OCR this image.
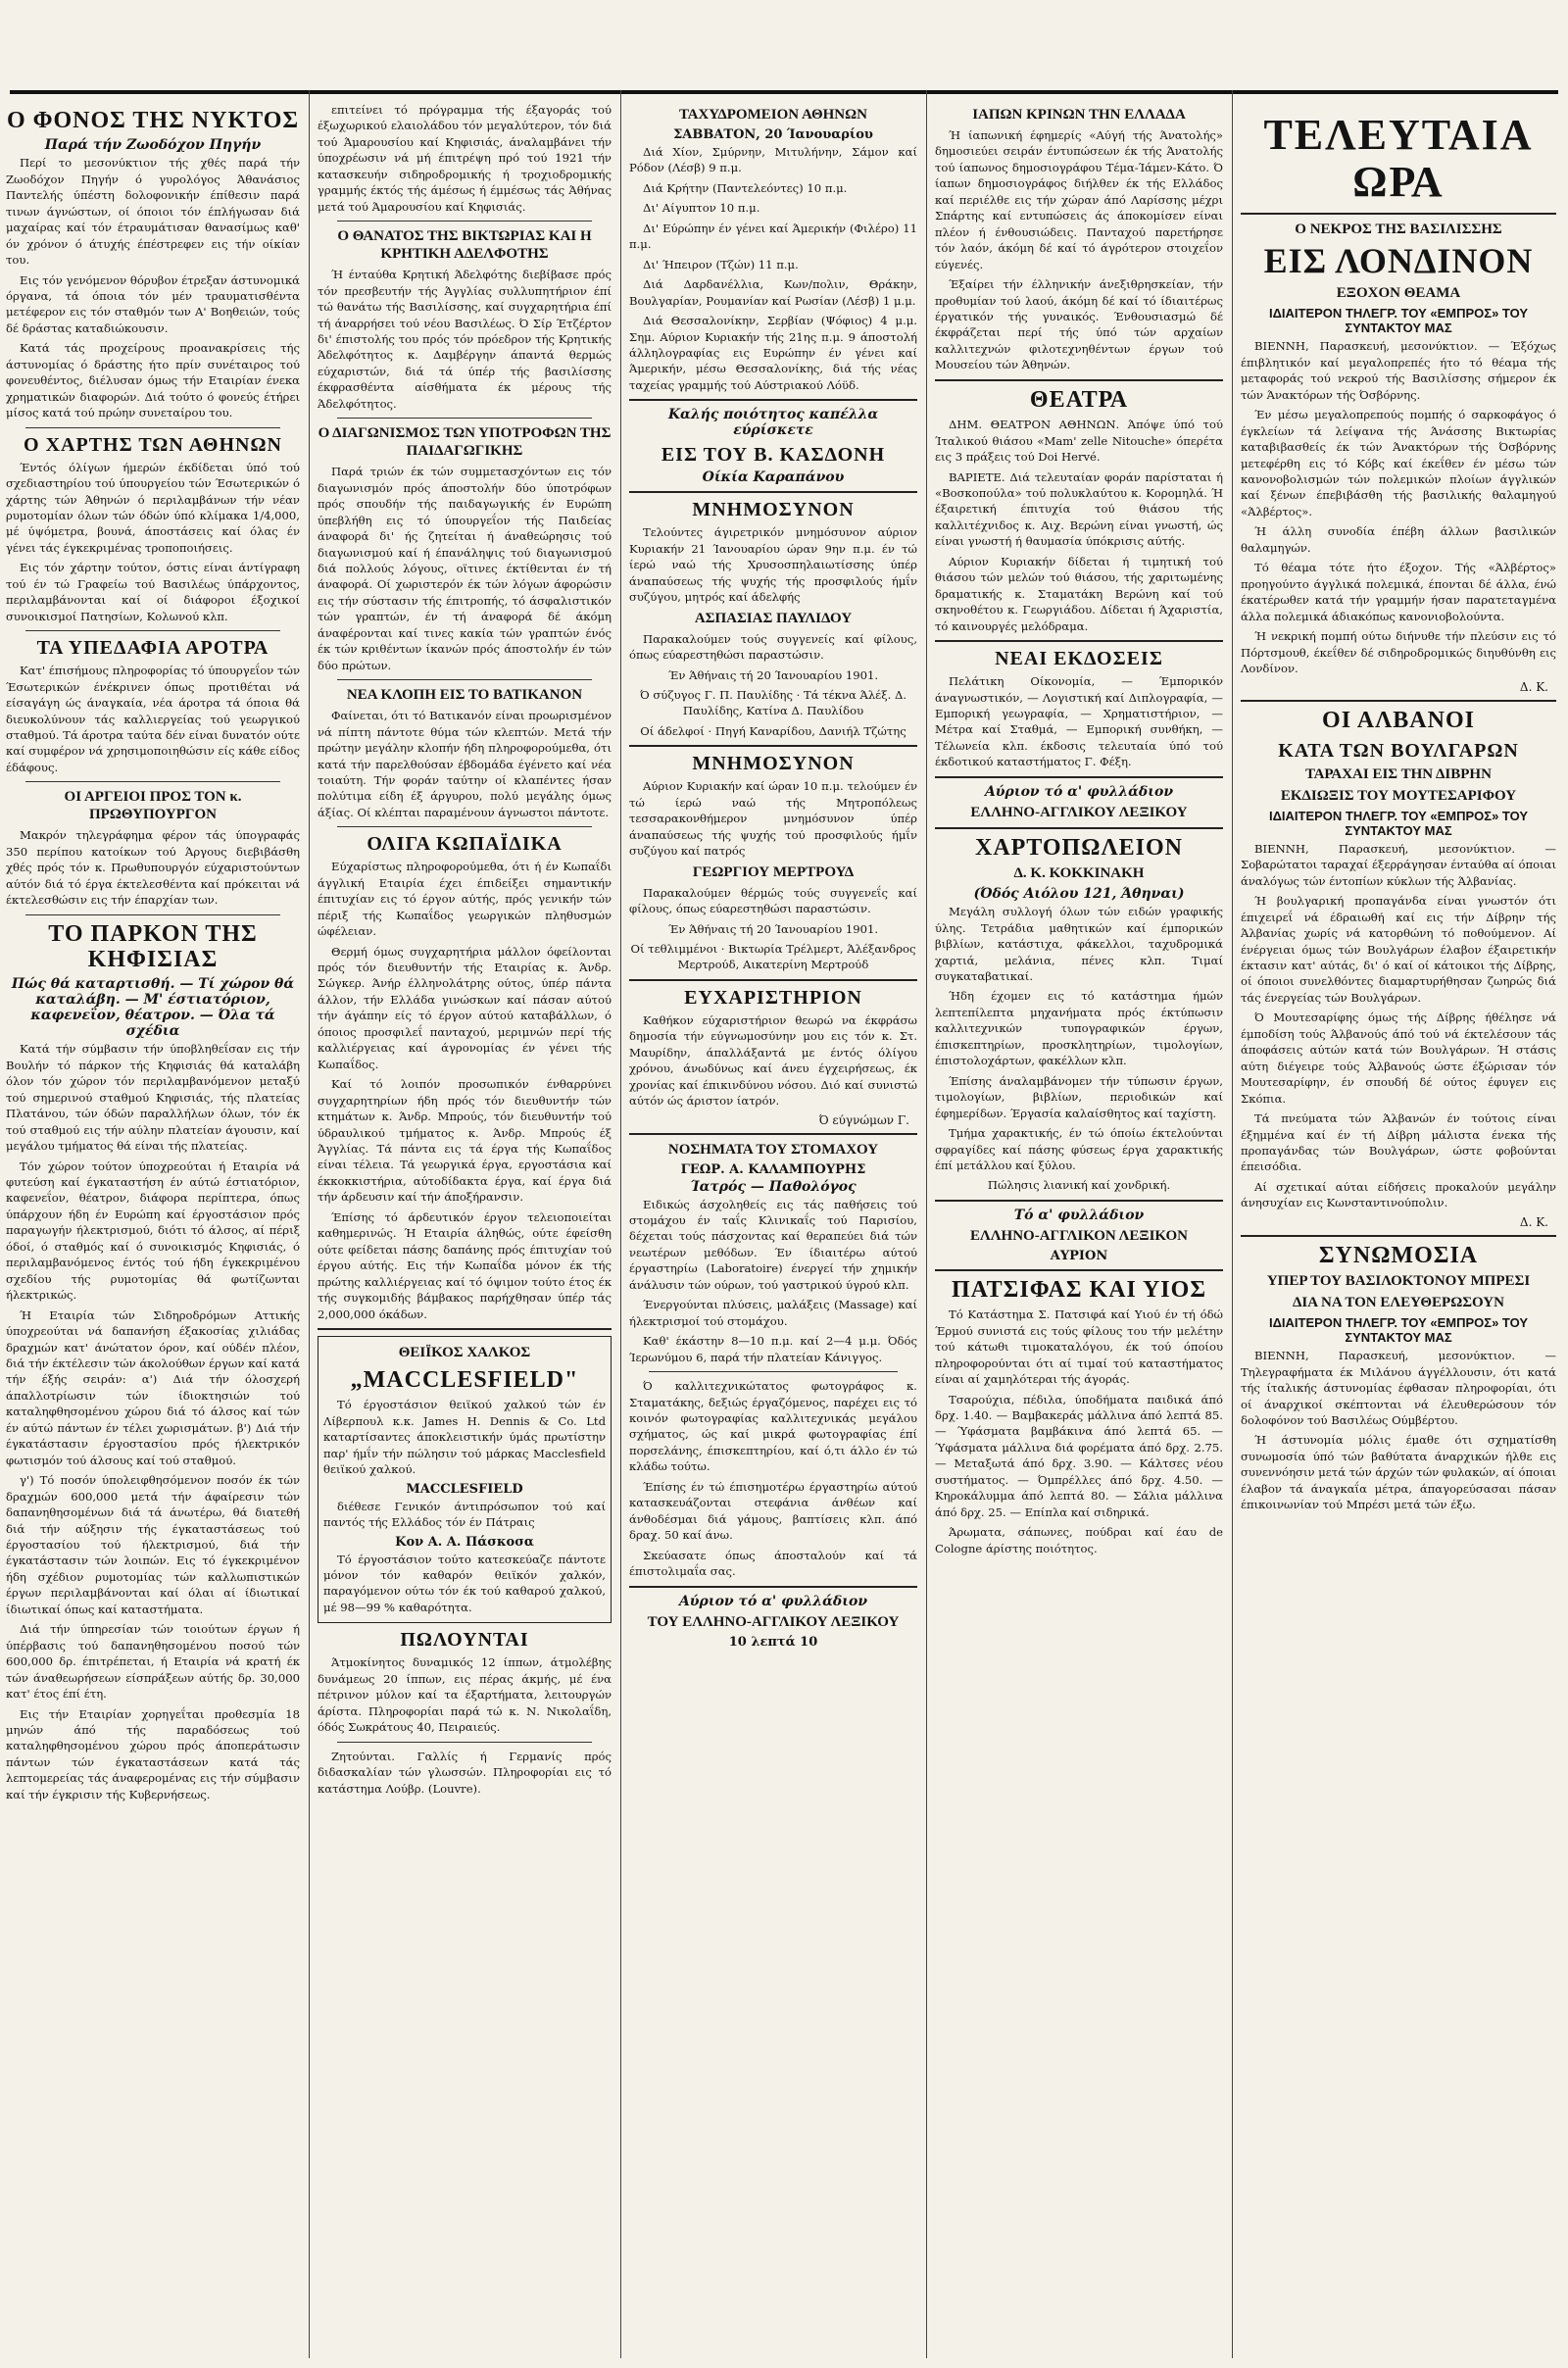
Ο ΦΟΝΟΣ ΤΗΣ ΝΥΚΤΟΣ
Παρά τήν Ζωοδόχον Πηγήν

Περί το μεσονύκτιον τής χθές παρά τήν Ζωοδόχον Πηγήν ό γυρολόγος Άθανάσιος Παντελής ύπέστη δολοφονικήν έπίθεσιν παρά τινων άγνώστων, οί όποιοι τόν έπλήγωσαν διά μαχαίρας καί τόν έτραυμάτισαν θανασίμως καθ' όν χρόνον ό άτυχής έπέστρεφεν εις τήν οίκίαν του.

Εις τόν γενόμενον θόρυβον έτρεξαν άστυνομικά όργανα, τά όποια τόν μέν τραυματισθέντα μετέφερον εις τόν σταθμόν των Α' Βοηθειών, τούς δέ δράστας καταδιώκουσιν.

Κατά τάς προχείρους προανακρίσεις τής άστυνομίας ό δράστης ήτο πρίν συνέταιρος τού φονευθέντος, διέλυσαν όμως τήν Εταιρίαν ένεκα χρηματικών διαφορών. Διά τούτο ό φονεύς έτήρει μίσος κατά τού πρώην συνεταίρου του.

Ο ΧΑΡΤΗΣ ΤΩΝ ΑΘΗΝΩΝ

Έντός όλίγων ήμερών έκδίδεται ύπό τού σχεδιαστηρίου τού ύπουργείου τών Έσωτερικών ό χάρτης τών Άθηνών ό περιλαμβάνων τήν νέαν ρυμοτομίαν όλων τών όδών ύπό κλίμακα 1/4,000, μέ ύψόμετρα, βουνά, άποστάσεις καί όλας έν γένει τάς έγκεκριμένας τροποποιήσεις.

Εις τόν χάρτην τούτον, όστις είναι άντίγραφη τού έν τώ Γραφείω τού Βασιλέως ύπάρχοντος, περιλαμβάνονται καί οί διάφοροι έξοχικοί συνοικισμοί Πατησίων, Κολωνού κλπ.

ΤΑ ΥΠΕΔΑΦΙΑ ΑΡΟΤΡΑ

Κατ' έπισήμους πληροφορίας τό ύπουργεΐον τών Έσωτερικών ένέκρινεν όπως προτιθέται νά είσαγάγη ώς άναγκαία, νέα άροτρα τά όποια θά διευκολύνουν τάς καλλιεργείας τού γεωργικού σταθμού. Τά άροτρα ταύτα δέν είναι δυνατόν ούτε καί συμφέρον νά χρησιμοποιηθώσιν είς κάθε είδος έδάφους.

ΟΙ ΑΡΓΕΙΟΙ ΠΡΟΣ ΤΟΝ κ. ΠΡΩΘΥΠΟΥΡΓΟΝ

Μακρόν τηλεγράφημα φέρον τάς ύπογραφάς 350 περίπου κατοίκων τού Άργους διεβιβάσθη χθές πρός τόν κ. Πρωθυπουργόν εύχαριστούντων αύτόν διά τό έργα έκτελεσθέντα καί πρόκειται νά έκτελεσθώσιν εις τήν έπαρχίαν των.

ΤΟ ΠΑΡΚΟΝ ΤΗΣ ΚΗΦΙΣΙΑΣ
Πώς θά καταρτισθή. — Τί χώρον θά καταλάβη. — Μ' έστιατόριον, καφενεΐον, θέατρον. — Όλα τά σχέδια

Κατά τήν σύμβασιν τήν ύποβληθεΐσαν εις τήν Βουλήν τό πάρκον τής Κηφισιάς θά καταλάβη όλον τόν χώρον τόν περιλαμβανόμενον μεταξύ τού σημερινού σταθμού Κηφισιάς, τής πλατείας Πλατάνου, τών όδών παραλλήλων όλων, τόν έκ τού σταθμού εις τήν αύλην πλατείαν άγουσιν, καί μεγάλου τμήματος θά είναι τής πλατείας.

Τόν χώρον τούτον ύποχρεούται ή Εταιρία νά φυτεύση καί έγκαταστήση έν αύτώ έστιατόριον, καφενεΐον, θέατρον, διάφορα περίπτερα, όπως ύπάρχουν ήδη έν Ευρώπη καί έργοστάσιον πρός παραγωγήν ήλεκτρισμού, διότι τό άλσος, αί πέριξ όδοί, ό σταθμός καί ό συνοικισμός Κηφισιάς, ό περιλαμβανόμενος έντός τού ήδη έγκεκριμένου σχεδίου τής ρυμοτομίας θά φωτίζωνται ήλεκτρικώς.

Ή Εταιρία τών Σιδηροδρόμων Αττικής ύποχρεούται νά δαπανήση έξακοσίας χιλιάδας δραχμών κατ' άνώτατον όρον, καί ούδέν πλέον, διά τήν έκτέλεσιν τών άκολούθων έργων καί κατά τήν έξής σειράν: α') Διά τήν όλοσχερή άπαλλοτρίωσιν τών ίδιοκτησιών τού καταληφθησομένου χώρου διά τό άλσος καί τών έν αύτώ πάντων έν τέλει χωρισμάτων. β') Διά τήν έγκατάστασιν έργοστασίου πρός ήλεκτρικόν φωτισμόν τού άλσους καί τού σταθμού.

γ') Τό ποσόν ύπολειφθησόμενον ποσόν έκ τών δραχμών 600,000 μετά τήν άφαίρεσιν τών δαπανηθησομένων διά τά άνωτέρω, θά διατεθή διά τήν αύξησιν τής έγκαταστάσεως τού έργοστασίου τού ήλεκτρισμού, διά τήν έγκατάστασιν τών λοιπών. Εις τό έγκεκριμένον ήδη σχέδιον ρυμοτομίας τών καλλωπιστικών έργων περιλαμβάνονται καί όλαι αί ίδιωτικαί ίδιωτικαί όπως καί καταστήματα.

Διά τήν ύπηρεσίαν τών τοιούτων έργων ή ύπέρβασις τού δαπανηθησομένου ποσού τών 600,000 δρ. έπιτρέπεται, ή Εταιρία νά κρατή έκ τών άναθεωρήσεων είσπράξεων αύτής δρ. 30,000 κατ' έτος έπί έτη.

Εις τήν Εταιρίαν χορηγεΐται προθεσμία 18 μηνών άπό τής παραδόσεως τού καταληφθησομένου χώρου πρός άποπεράτωσιν πάντων τών έγκαταστάσεων κατά τάς λεπτομερείας τάς άναφερομένας εις τήν σύμβασιν καί τήν έγκρισιν τής Κυβερνήσεως.

επιτείνει τό πρόγραμμα τής έξαγοράς τού έξωχωρικού ελαιολάδου τόν μεγαλύτερον, τόν διά τού Άμαρουσίου καί Κηφισιάς, άναλαμβάνει τήν ύποχρέωσιν νά μή έπιτρέψη πρό τού 1921 τήν κατασκευήν σιδηροδρομικής ή τροχιοδρομικής γραμμής έκτός τής άμέσως ή έμμέσως τάς Άθήνας μετά τού Άμαρουσίου καί Κηφισιάς.

Ο ΘΑΝΑΤΟΣ ΤΗΣ ΒΙΚΤΩΡΙΑΣ ΚΑΙ Η ΚΡΗΤΙΚΗ ΑΔΕΛΦΟΤΗΣ

Ή ένταύθα Κρητική Άδελφότης διεβίβασε πρός τόν πρεσβευτήν τής Άγγλίας συλλυπητήριον έπί τώ θανάτω τής Βασιλίσσης, καί συγχαρητήρια έπί τή άναρρήσει τού νέου Βασιλέως. Ό Σίρ Έτζέρτον δι' έπιστολής του πρός τόν πρόεδρον τής Κρητικής Άδελφότητος κ. Δαμβέργην άπαντά θερμώς εύχαριστών, διά τά ύπέρ τής βασιλίσσης έκφρασθέντα αίσθήματα έκ μέρους τής Άδελφότητος.

Ο ΔΙΑΓΩΝΙΣΜΟΣ ΤΩΝ ΥΠΟΤΡΟΦΩΝ ΤΗΣ ΠΑΙΔΑΓΩΓΙΚΗΣ

Παρά τριών έκ τών συμμετασχόντων εις τόν διαγωνισμόν πρός άποστολήν δύο ύποτρόφων πρός σπουδήν τής παιδαγωγικής έν Ευρώπη ύπεβλήθη εις τό ύπουργεΐον τής Παιδείας άναφορά δι' ής ζητείται ή άναθεώρησις τού διαγωνισμού καί ή έπανάληψις τού διαγωνισμού διά πολλούς λόγους, οϊτινες έκτίθενται έν τή άναφορά. Οί χωριστερόν έκ τών λόγων άφορώσιν εις τήν σύστασιν τής έπιτροπής, τό άσφαλιστικόν τών γραπτών, έν τή άναφορά δέ άκόμη άναφέρονται καί τινες κακία τών γραπτών ένός έκ τών κριθέντων ίκανών πρός άποστολήν έν τών δύο πρώτων.

ΝΕΑ ΚΛΟΠΗ ΕΙΣ ΤΟ ΒΑΤΙΚΑΝΟΝ

Φαίνεται, ότι τό Βατικανόν είναι προωρισμένον νά πίπτη πάντοτε θύμα τών κλεπτών. Μετά τήν πρώτην μεγάλην κλοπήν ήδη πληροφορούμεθα, ότι κατά τήν παρελθούσαν έβδομάδα έγένετο καί νέα τοιαύτη. Τήν φοράν ταύτην οί κλαπέντες ήσαν πολύτιμα είδη έξ άργυρου, πολύ μεγάλης όμως άξίας. Οί κλέπται παραμένουν άγνωστοι πάντοτε.

ΟΛΙΓΑ ΚΩΠΑΪΔΙΚΑ

Εύχαρίστως πληροφορούμεθα, ότι ή έν Κωπαΐδι άγγλική Εταιρία έχει έπιδείξει σημαντικήν έπιτυχίαν εις τό έργον αύτής, πρός γενικήν τών πέριξ τής Κωπαΐδος γεωργικών πληθυσμών ώφέλειαν.

Θερμή όμως συγχαρητήρια μάλλον όφείλονται πρός τόν διευθυντήν τής Εταιρίας κ. Άνδρ. Σώγκερ. Άνήρ έλληνολάτρης ούτος, ύπέρ πάντα άλλον, τήν Ελλάδα γινώσκων καί πάσαν αύτού τήν άγάπην είς τό έργον αύτού καταβάλλων, ό όποιος προσφιλεΐ πανταχού, μεριμνών περί τής καλλιέργειας καί άγρονομίας έν γένει τής Κωπαΐδος.

Καί τό λοιπόν προσωπικόν ένθαρρύνει συγχαρητηρίων ήδη πρός τόν διευθυντήν τών κτημάτων κ. Άνδρ. Μπρούς, τόν διευθυντήν τού ύδραυλικού τμήματος κ. Άνδρ. Μπρούς έξ Άγγλίας. Τά πάντα εις τά έργα τής Κωπαΐδος είναι τέλεια. Τά γεωργικά έργα, εργοστάσια καί έκκοκκιστήρια, αύτοδίδακτα έργα, καί έργα διά τήν άρδευσιν καί τήν άποξήρανσιν.

Έπίσης τό άρδευτικόν έργον τελειοποιείται καθημερινώς. Ή Εταιρία άληθώς, ούτε έφείσθη ούτε φείδεται πάσης δαπάνης πρός έπιτυχίαν τού έργου αύτής. Εις τήν Κωπαΐδα μόνον έκ τής πρώτης καλλιέργειας καί τό όψιμον τούτο έτος έκ τής συγκομιδής βάμβακος παρήχθησαν ύπέρ τάς 2,000,000 όκάδων.

ΘΕΙΪΚΟΣ ΧΑΛΚΟΣ
„MACCLESFIELD"

Τό έργοστάσιον θειϊκού χαλκού τών έν Λίβερπουλ κ.κ. James H. Dennis & Co. Ltd καταρτίσαντες άποκλειστικήν ύμάς πρωτίστην παρ' ήμΐν τήν πώλησιν τού μάρκας Macclesfield θειϊκού χαλκού.

MACCLESFIELD

διέθεσε Γενικόν άντιπρόσωπον τού καί παντός τής Ελλάδος τόν έν Πάτραις

Κον Α. Α. Πάσκοσα

Τό έργοστάσιον τούτο κατεσκεύαζε πάντοτε μόνον τόν καθαρόν θειϊκόν χαλκόν, παραγόμενον ούτω τόν έκ τού καθαρού χαλκού, μέ 98—99 % καθαρότητα.

ΠΩΛΟΥΝΤΑΙ

Άτμοκίνητος δυναμικός 12 ίππων, άτμολέβης δυνάμεως 20 ίππων, εις πέρας άκμής, μέ ένα πέτρινον μύλον καί τα έξαρτήματα, λειτουργών άρίστα. Πληροφορίαι παρά τώ κ. Ν. Νικολαΐδη, όδός Σωκράτους 40, Πειραιεύς.

Ζητούνται. Γαλλίς ή Γερμανίς πρός διδασκαλίαν τών γλωσσών. Πληροφορίαι εις τό κατάστημα Λούβρ. (Louvre).

ΤΑΧΥΔΡΟΜΕΙΟΝ ΑΘΗΝΩΝ
ΣΑΒΒΑΤΟΝ, 20 Ίανουαρίου

Διά Χίον, Σμύρνην, Μιτυλήνην, Σάμον καί Ρόδον (Λέσβ) 9 π.μ.

Διά Κρήτην (Παντελεόντες) 10 π.μ.

Δι' Αίγυπτον 10 π.μ.

Δι' Εύρώπην έν γένει καί Άμερικήν (Φιλέρο) 11 π.μ.

Δι' Ήπειρον (Τζών) 11 π.μ.

Διά Δαρδανέλλια, Κων/πολιν, Θράκην, Βουλγαρίαν, Ρουμανίαν καί Ρωσίαν (Λέσβ) 1 μ.μ.

Διά Θεσσαλονίκην, Σερβίαν (Ψόφιος) 4 μ.μ. Σημ. Αύριον Κυριακήν τής 21ης π.μ. 9 άποστολή άλληλογραφίας εις Ευρώπην έν γένει καί Άμερικήν, μέσω Θεσσαλονίκης, διά τής νέας ταχείας γραμμής τού Αύστριακού Λόϋδ.

Καλής ποιότητος καπέλλα εύρίσκετε
ΕΙΣ ΤΟΥ Β. ΚΑΣΔΟΝΗ
Οίκία Καραπάνου
ΜΝΗΜΟΣΥΝΟΝ

Τελούντες άγιρετρικόν μνημόσυνον αύριον Κυριακήν 21 Ίανουαρίου ώραν 9ην π.μ. έν τώ ίερώ ναώ τής Χρυσοσπηλαιωτίσσης ύπέρ άναπαύσεως τής ψυχής τής προσφιλούς ήμΐν συζύγου, μητρός καί άδελφής

ΑΣΠΑΣΙΑΣ ΠΑΥΛΙΔΟΥ

Παρακαλούμεν τούς συγγενείς καί φίλους, όπως εύαρεστηθώσι παραστώσιν.

Έν Άθήναις τή 20 Ίανουαρίου 1901.

Ό σύζυγος Γ. Π. Παυλίδης · Τά τέκνα Άλέξ. Δ. Παυλίδης, Κατίνα Δ. Παυλίδου

Οί άδελφοί · Πηγή Καναρίδου, Δανιήλ Τζώτης

ΜΝΗΜΟΣΥΝΟΝ

Αύριον Κυριακήν καί ώραν 10 π.μ. τελούμεν έν τώ ίερώ ναώ τής Μητροπόλεως τεσσαρακονθήμερον μνημόσυνον ύπέρ άναπαύσεως τής ψυχής τού προσφιλούς ήμΐν συζύγου καί πατρός

ΓΕΩΡΓΙΟΥ ΜΕΡΤΡΟΥΔ

Παρακαλούμεν θέρμώς τούς συγγενεΐς καί φίλους, όπως εύαρεστηθώσι παραστώσιν.

Έν Άθήναις τή 20 Ίανουαρίου 1901.

Οί τεθλιμμένοι · Βικτωρία Τρέλμερτ, Άλέξανδρος Μερτρούδ, Αικατερίνη Μερτρούδ

ΕΥΧΑΡΙΣΤΗΡΙΟΝ

Καθήκον εύχαριστήριον θεωρώ να έκφράσω δημοσία τήν εύγνωμοσύνην μου εις τόν κ. Στ. Μαυρίδην, άπαλλάξαντά με έντός όλίγου χρόνου, άνωδύνως καί άνευ έγχειρήσεως, έκ χρονίας καί έπικινδύνου νόσου. Διό καί συνιστώ αύτόν ώς άριστον ίατρόν.

Ό εύγνώμων Γ.
ΝΟΣΗΜΑΤΑ ΤΟΥ ΣΤΟΜΑΧΟΥ
ΓΕΩΡ. Α. ΚΑΛΑΜΠΟΥΡΗΣ
Ίατρός — Παθολόγος

Ειδικώς άσχοληθείς εις τάς παθήσεις τού στομάχου έν ταΐς Κλινικαΐς τού Παρισίου, δέχεται τούς πάσχοντας καί θεραπεύει διά τών νεωτέρων μεθόδων. Έν ίδιαιτέρω αύτού έργαστηρίω (Laboratoire) ένεργεί τήν χημικήν άνάλυσιν τών ούρων, τού γαστρικού ύγρού κλπ.

Ένεργούνται πλύσεις, μαλάξεις (Massage) καί ήλεκτρισμοί τού στομάχου.

Καθ' έκάστην 8—10 π.μ. καί 2—4 μ.μ. Όδός Ίερωνύμου 6, παρά τήν πλατείαν Κάνιγγος.

Ό καλλιτεχνικώτατος φωτογράφος κ. Σταματάκης, δεξιώς έργαζόμενος, παρέχει εις τό κοινόν φωτογραφίας καλλιτεχνικάς μεγάλου σχήματος, ώς καί μικρά φωτογραφίας έπί πορσελάνης, έπισκεπτηρίου, καί ό,τι άλλο έν τώ κλάδω τούτω.

Έπίσης έν τώ έπισημοτέρω έργαστηρίω αύτού κατασκευάζονται στεφάνια άνθέων καί άνθοδέσμαι διά γάμους, βαπτίσεις κλπ. άπό δραχ. 50 καί άνω.

Σκεύασατε όπως άποσταλούν καί τά έπιστολιμαΐα σας.

Αύριον τό α' φυλλάδιον
ΤΟΥ ΕΛΛΗΝΟ-ΑΓΓΛΙΚΟΥ ΛΕΞΙΚΟΥ
10 λεπτά 10
ΙΑΠΩΝ ΚΡΙΝΩΝ ΤΗΝ ΕΛΛΑΔΑ

Ή ίαπωνική έφημερίς «Αύγή τής Άνατολής» δημοσιεύει σειράν έντυπώσεων έκ τής Άνατολής τού ίαπωνος δημοσιογράφου Τέμα-Ίάμεν-Κάτο. Ό ίαπων δημοσιογράφος διήλθεν έκ τής Ελλάδος καί περιέλθε εις τήν χώραν άπό Λαρίσσης μέχρι Σπάρτης καί εντυπώσεις άς άποκομίσεν είναι πλέον ή ένθουσιώδεις. Πανταχού παρετήρησε τόν λαόν, άκόμη δέ καί τό άγρότερον στοιχεΐον εύγενές.

Έξαίρει τήν έλληνικήν άνεξιθρησκείαν, τήν προθυμίαν τού λαού, άκόμη δέ καί τό ίδιαιτέρως έργατικόν τής γυναικός. Ένθουσιασμώ δέ έκφράζεται περί τής ύπό τών αρχαίων καλλιτεχνών φιλοτεχνηθέντων έργων τού Μουσείου τών Άθηνών.

ΘΕΑΤΡΑ

ΔΗΜ. ΘΕΑΤΡΟΝ ΑΘΗΝΩΝ. Άπόψε ύπό τού Ίταλικού θιάσου «Mam' zelle Nitouche» όπερέτα εις 3 πράξεις τού Doi Hervé.

ΒΑΡΙΕΤΕ. Διά τελευταίαν φοράν παρίσταται ή «Βοσκοπούλα» τού πολυκλαύτου κ. Κορομηλά. Ή έξαιρετική έπιτυχία τού θιάσου τής καλλιτέχνιδος κ. Αιχ. Βερώνη είναι γνωστή, ώς είναι γνωστή ή θαυμασία ύπόκρισις αύτής.

Αύριον Κυριακήν δίδεται ή τιμητική τού θιάσου τών μελών τού θιάσου, τής χαριτωμένης δραματικής κ. Σταματάκη Βερώνη καί τού σκηνοθέτου κ. Γεωργιάδου. Δίδεται ή Άχαριστία, τό καινουργές μελόδραμα.

ΝΕΑΙ ΕΚΔΟΣΕΙΣ

Πελάτικη Οίκονομία, — Έμπορικόν άναγνωστικόν, — Λογιστική καί Διπλογραφία, — Εμπορική γεωγραφία, — Χρηματιστήριον, — Μέτρα καί Σταθμά, — Εμπορική συνθήκη, — Τέλωνεία κλπ. έκδοσις τελευταία ύπό τού έκδοτικού καταστήματος Γ. Φέξη.

Αύριον τό α' φυλλάδιον
ΕΛΛΗΝΟ-ΑΓΓΛΙΚΟΥ ΛΕΞΙΚΟΥ
ΧΑΡΤΟΠΩΛΕΙΟΝ
Δ. Κ. ΚΟΚΚΙΝΑΚΗ
(Όδός Αιόλου 121, Άθηναι)

Μεγάλη συλλογή όλων τών ειδών γραφικής ύλης. Τετράδια μαθητικών καί έμπορικών βιβλίων, κατάστιχα, φάκελλοι, ταχυδρομικά χαρτιά, μελάνια, πένες κλπ. Τιμαί συγκαταβατικαί.

Ήδη έχομεν εις τό κατάστημα ήμών λεπτεπίλεπτα μηχανήματα πρός έκτύπωσιν καλλιτεχνικών τυπογραφικών έργων, έπισκεπτηρίων, προσκλητηρίων, τιμολογίων, έπιστολοχάρτων, φακέλλων κλπ.

Έπίσης άναλαμβάνομεν τήν τύπωσιν έργων, τιμολογίων, βιβλίων, περιοδικών καί έφημερίδων. Έργασία καλαίσθητος καί ταχίστη.

Τμήμα χαρακτικής, έν τώ όποίω έκτελούνται σφραγίδες καί πάσης φύσεως έργα χαρακτικής έπί μετάλλου καί ξύλου.

Πώλησις λιανική καί χονδρική.

Τό α' φυλλάδιον
ΕΛΛΗΝΟ-ΑΓΓΛΙΚΟΝ ΛΕΞΙΚΟΝ
ΑΥΡΙΟΝ
ΠΑΤΣΙΦΑΣ ΚΑΙ ΥΙΟΣ

Τό Κατάστημα Σ. Πατσιφά καί Υιού έν τή όδώ Έρμού συνιστά εις τούς φίλους του τήν μελέτην τού κάτωθι τιμοκαταλόγου, έκ τού όποίου πληροφορούνται ότι αί τιμαί τού καταστήματος είναι αί χαμηλότεραι τής άγοράς.

Τσαρούχια, πέδιλα, ύποδήματα παιδικά άπό δρχ. 1.40. — Βαμβακεράς μάλλινα άπό λεπτά 85. — Ύφάσματα βαμβάκινα άπό λεπτά 65. — Ύφάσματα μάλλινα διά φορέματα άπό δρχ. 2.75. — Μεταξωτά άπό δρχ. 3.90. — Κάλτσες νέου συστήματος. — Όμπρέλλες άπό δρχ. 4.50. — Κηροκάλυμμα άπό λεπτά 80. — Σάλια μάλλινα άπό δρχ. 25. — Επίπλα καί σιδηρικά.

Άρωματα, σάπωνες, πούδραι καί έαυ de Cologne άρίστης ποιότητος.

ΤΕΛΕΥΤΑΙΑ ΩΡΑ
Ο ΝΕΚΡΟΣ ΤΗΣ ΒΑΣΙΛΙΣΣΗΣ
ΕΙΣ ΛΟΝΔΙΝΟΝ
ΕΞΟΧΟΝ ΘΕΑΜΑ
ΙΔΙΑΙΤΕΡΟΝ ΤΗΛΕΓΡ. ΤΟΥ «ΕΜΠΡΟΣ» ΤΟΥ ΣΥΝΤΑΚΤΟΥ ΜΑΣ

ΒΙΕΝΝΗ, Παρασκευή, μεσονύκτιον. — Έξόχως έπιβλητικόν καί μεγαλοπρεπές ήτο τό θέαμα τής μεταφοράς τού νεκρού τής Βασιλίσσης σήμερον έκ τών Άνακτόρων τής Όσβόρνης.

Έν μέσω μεγαλοπρεπούς πομπής ό σαρκοφάγος ό έγκλείων τά λείψανα τής Άνάσσης Βικτωρίας καταβιβασθείς έκ τών Άνακτόρων τής Όσβόρνης μετεφέρθη εις τό Κόβς καί έκεΐθεν έν μέσω τών κανονοβολισμών τών πολεμικών πλοίων άγγλικών καί ξένων έπεβιβάσθη τής βασιλικής θαλαμηγού «Άλβέρτος».

Ή άλλη συνοδία έπέβη άλλων βασιλικών θαλαμηγών.

Τό θέαμα τότε ήτο έξοχον. Τής «Άλβέρτος» προηγούντο άγγλικά πολεμικά, έπονται δέ άλλα, ένώ έκατέρωθεν κατά τήν γραμμήν ήσαν παρατεταγμένα άλλα πολεμικά άδιακόπως κανονιοβολούντα.

Ή νεκρική πομπή ούτω διήνυθε τήν πλεύσιν εις τό Πόρτσμουθ, έκεΐθεν δέ σιδηροδρομικώς διηυθύνθη εις Λονδίνον.

Δ. Κ.
ΟΙ ΑΛΒΑΝΟΙ
ΚΑΤΑ ΤΩΝ ΒΟΥΛΓΑΡΩΝ
ΤΑΡΑΧΑΙ ΕΙΣ ΤΗΝ ΔΙΒΡΗΝ
ΕΚΔΙΩΞΙΣ ΤΟΥ ΜΟΥΤΕΣΑΡΙΦΟΥ
ΙΔΙΑΙΤΕΡΟΝ ΤΗΛΕΓΡ. ΤΟΥ «ΕΜΠΡΟΣ» ΤΟΥ ΣΥΝΤΑΚΤΟΥ ΜΑΣ

ΒΙΕΝΝΗ, Παρασκευή, μεσονύκτιον. — Σοβαρώτατοι ταραχαί έξερράγησαν ένταύθα αί όποιαι άναλόγως τών έντοπίων κύκλων τής Άλβανίας.

Ή βουλγαρική προπαγάνδα είναι γνωστόν ότι έπιχειρεΐ νά έδραιωθή καί εις τήν Δίβρην τής Άλβανίας χωρίς νά κατορθώνη τό ποθούμενον. Αί ένέργειαι όμως τών Βουλγάρων έλαβον έξαιρετικήν έκτασιν κατ' αύτάς, δι' ό καί οί κάτοικοι τής Δίβρης, οί όποιοι συνελθόντες διαμαρτυρήθησαν ζωηρώς διά τάς ένεργείας τών Βουλγάρων.

Ό Μουτεσαρίφης όμως τής Δίβρης ήθέλησε νά έμποδίση τούς Άλβανούς άπό τού νά έκτελέσουν τάς άποφάσεις αύτών κατά τών Βουλγάρων. Ή στάσις αύτη διέγειρε τούς Άλβανούς ώστε έξώρισαν τόν Μουτεσαρίφην, έν σπουδή δέ ούτος έφυγεν εις Σκόπια.

Τά πνεύματα τών Άλβανών έν τούτοις είναι έξημμένα καί έν τή Δίβρη μάλιστα ένεκα τής προπαγάνδας τών Βουλγάρων, ώστε φοβούνται έπεισόδια.

Αί σχετικαί αύται είδήσεις προκαλούν μεγάλην άνησυχίαν εις Κωνσταντινούπολιν.

Δ. Κ.
ΣΥΝΩΜΟΣΙΑ
ΥΠΕΡ ΤΟΥ ΒΑΣΙΛΟΚΤΟΝΟΥ ΜΠΡΕΣΙ
ΔΙΑ ΝΑ ΤΟΝ ΕΛΕΥΘΕΡΩΣΟΥΝ
ΙΔΙΑΙΤΕΡΟΝ ΤΗΛΕΓΡ. ΤΟΥ «ΕΜΠΡΟΣ» ΤΟΥ ΣΥΝΤΑΚΤΟΥ ΜΑΣ

ΒΙΕΝΝΗ, Παρασκευή, μεσονύκτιον. — Τηλεγραφήματα έκ Μιλάνου άγγέλλουσιν, ότι κατά τής ίταλικής άστυνομίας έφθασαν πληροφορίαι, ότι οί άναρχικοί σκέπτονται νά έλευθερώσουν τόν δολοφόνον τού Βασιλέως Ούμβέρτου.

Ή άστυνομία μόλις έμαθε ότι σχηματίσθη συνωμοσία ύπό τών βαθύτατα άναρχικών ήλθε εις συνεννόησιν μετά τών άρχών τών φυλακών, αί όποιαι έλαβον τά άναγκαΐα μέτρα, άπαγορεύσασαι πάσαν έπικοινωνίαν τού Μπρέσι μετά τών έξω.
